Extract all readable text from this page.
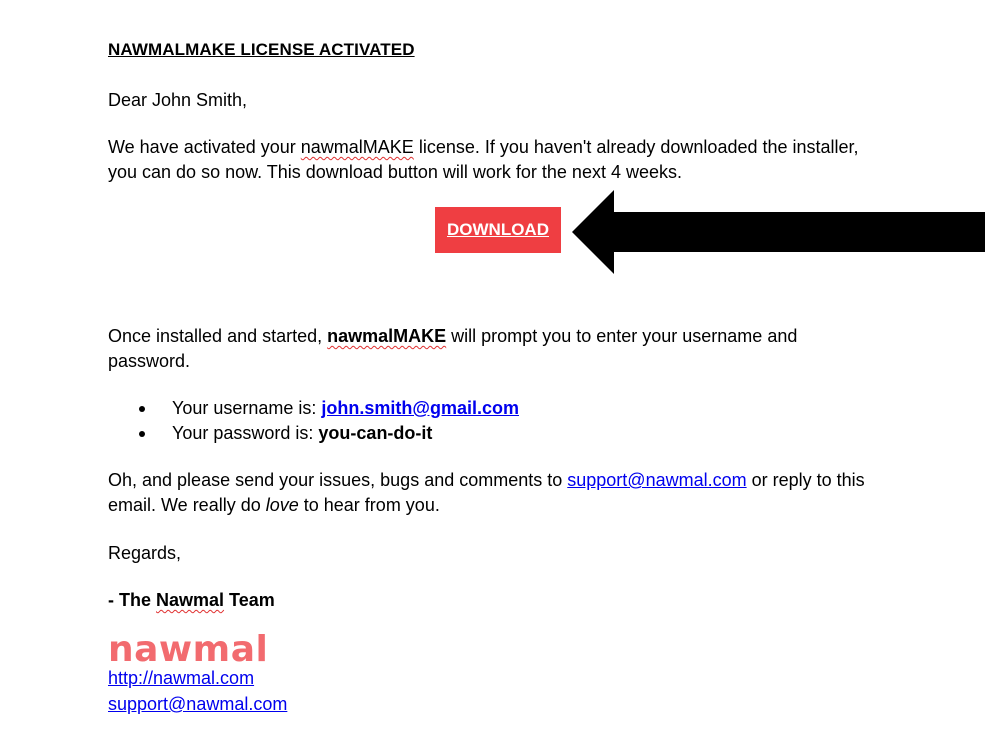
NAWMALMAKE LICENSE ACTIVATED
Dear John Smith,
We have activated your nawmalMAKE license. If you haven't already downloaded the installer,
you can do so now. This download button will work for the next 4 weeks.
Once installed and started, nawmalMAKE will prompt you to enter your username and
password.
Your username is: john.smith@gmail.com
Your password is: you-can-do-it
Oh, and please send your issues, bugs and comments to support@nawmal.com or reply to this
email. We really do love to hear from you.
Regards,
- The Nawmal Team
nawmal
http://nawmal.com
support@nawmal.com
DOWNLOAD
